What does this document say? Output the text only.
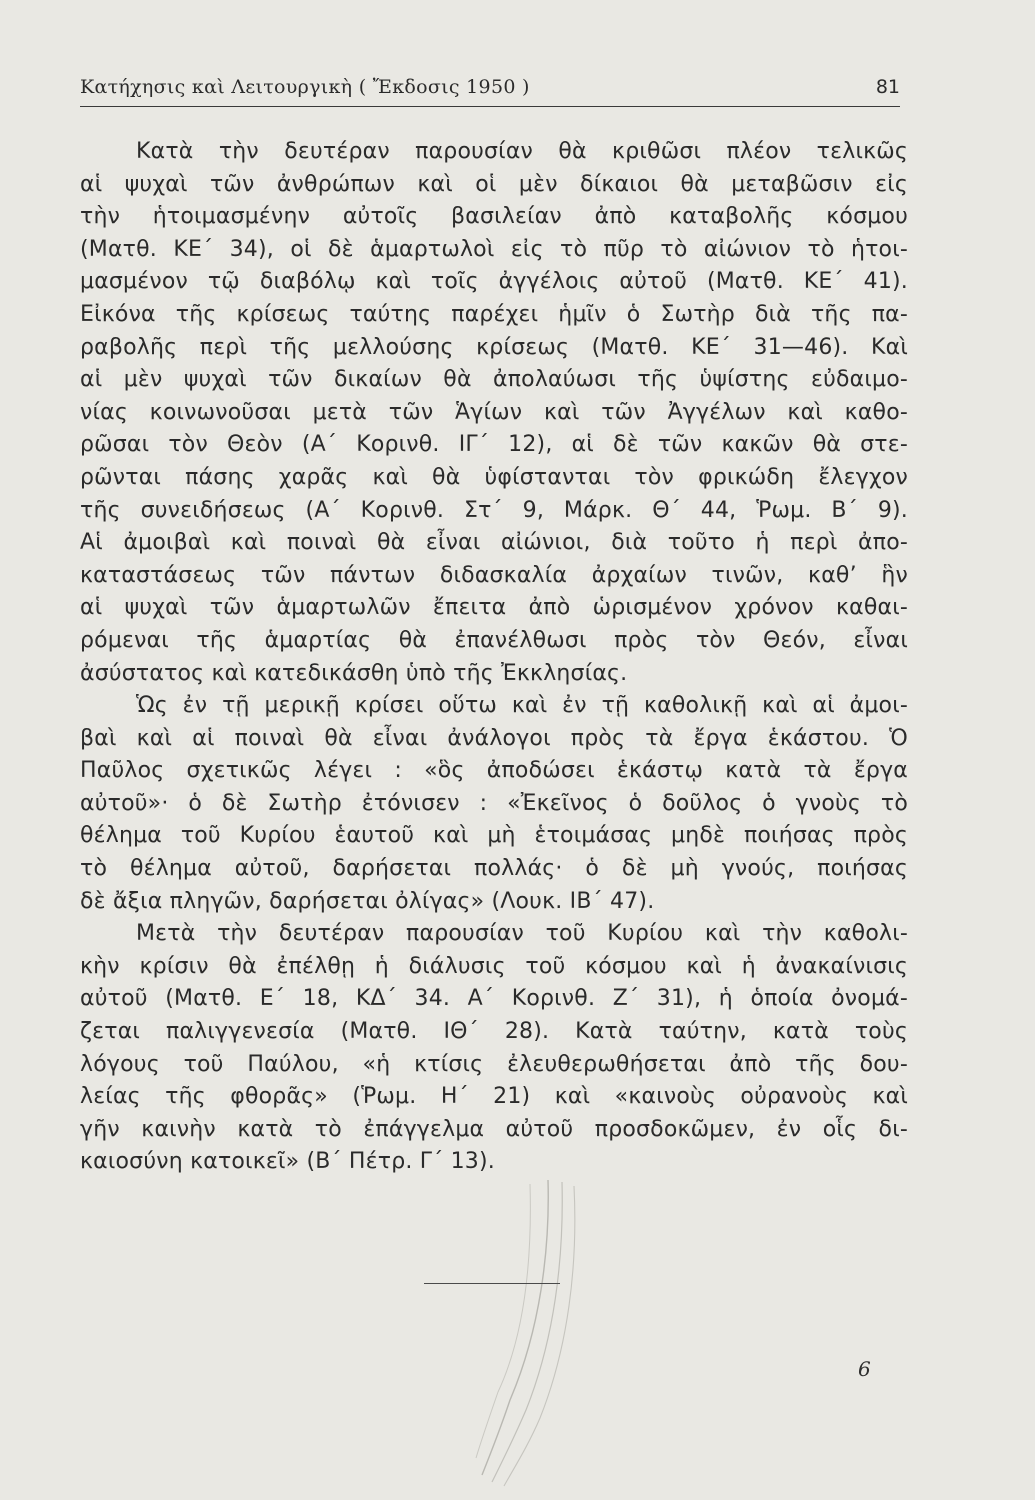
Κατήχησις καὶ Λειτουργικὴ ( Ἔκδοσις 1950 )	81
Κατὰ τὴν δευτέραν παρουσίαν θὰ κριθῶσι πλέον τελικῶς
αἱ ψυχαὶ τῶν ἀνθρώπων καὶ οἱ μὲν δίκαιοι θὰ μεταβῶσιν εἰς
τὴν ἡτοιμασμένην αὐτοῖς βασιλείαν ἀπὸ καταβολῆς κόσμου
(Ματθ. ΚΕ΄ 34), οἱ δὲ ἁμαρτωλοὶ εἰς τὸ πῦρ τὸ αἰώνιον τὸ ἡτοι-
μασμένον τῷ διαβόλῳ καὶ τοῖς ἀγγέλοις αὐτοῦ (Ματθ. ΚΕ΄ 41).
Εἰκόνα τῆς κρίσεως ταύτης παρέχει ἡμῖν ὁ Σωτὴρ διὰ τῆς πα-
ραβολῆς περὶ τῆς μελλούσης κρίσεως (Ματθ. ΚΕ΄ 31—46). Καὶ
αἱ μὲν ψυχαὶ τῶν δικαίων θὰ ἀπολαύωσι τῆς ὑψίστης εὐδαιμο-
νίας κοινωνοῦσαι μετὰ τῶν Ἁγίων καὶ τῶν Ἀγγέλων καὶ καθο-
ρῶσαι τὸν Θεὸν (Α΄ Κορινθ. ΙΓ΄ 12), αἱ δὲ τῶν κακῶν θὰ στε-
ρῶνται πάσης χαρᾶς καὶ θὰ ὑφίστανται τὸν φρικώδη ἔλεγχον
τῆς συνειδήσεως (Α΄ Κορινθ. Στ΄ 9, Μάρκ. Θ΄ 44, Ῥωμ. Β΄ 9).
Αἱ ἀμοιβαὶ καὶ ποιναὶ θὰ εἶναι αἰώνιοι, διὰ τοῦτο ἡ περὶ ἀπο-
καταστάσεως τῶν πάντων διδασκαλία ἀρχαίων τινῶν, καθ’ ἣν
αἱ ψυχαὶ τῶν ἁμαρτωλῶν ἔπειτα ἀπὸ ὡρισμένον χρόνον καθαι-
ρόμεναι τῆς ἁμαρτίας θὰ ἐπανέλθωσι πρὸς τὸν Θεόν, εἶναι
ἀσύστατος καὶ κατεδικάσθη ὑπὸ τῆς Ἐκκλησίας.
Ὡς ἐν τῇ μερικῇ κρίσει οὕτω καὶ ἐν τῇ καθολικῇ καὶ αἱ ἀμοι-
βαὶ καὶ αἱ ποιναὶ θὰ εἶναι ἀνάλογοι πρὸς τὰ ἔργα ἑκάστου. Ὁ
Παῦλος σχετικῶς λέγει : «ὃς ἀποδώσει ἑκάστῳ κατὰ τὰ ἔργα
αὐτοῦ»· ὁ δὲ Σωτὴρ ἐτόνισεν : «Ἐκεῖνος ὁ δοῦλος ὁ γνοὺς τὸ
θέλημα τοῦ Κυρίου ἑαυτοῦ καὶ μὴ ἑτοιμάσας μηδὲ ποιήσας πρὸς
τὸ θέλημα αὐτοῦ, δαρήσεται πολλάς· ὁ δὲ μὴ γνούς, ποιήσας
δὲ ἄξια πληγῶν, δαρήσεται ὀλίγας» (Λουκ. ΙΒ΄ 47).
Μετὰ τὴν δευτέραν παρουσίαν τοῦ Κυρίου καὶ τὴν καθολι-
κὴν κρίσιν θὰ ἐπέλθῃ ἡ διάλυσις τοῦ κόσμου καὶ ἡ ἀνακαίνισις
αὐτοῦ (Ματθ. Ε΄ 18, ΚΔ΄ 34. Α΄ Κορινθ. Ζ΄ 31), ἡ ὁποία ὀνομά-
ζεται παλιγγενεσία (Ματθ. ΙΘ΄ 28). Κατὰ ταύτην, κατὰ τοὺς
λόγους τοῦ Παύλου, «ἡ κτίσις ἐλευθερωθήσεται ἀπὸ τῆς δου-
λείας τῆς φθορᾶς» (Ῥωμ. Η΄ 21) καὶ «καινοὺς οὐρανοὺς καὶ
γῆν καινὴν κατὰ τὸ ἐπάγγελμα αὐτοῦ προσδοκῶμεν, ἐν οἷς δι-
καιοσύνη κατοικεῖ» (Β΄ Πέτρ. Γ΄ 13).
6
